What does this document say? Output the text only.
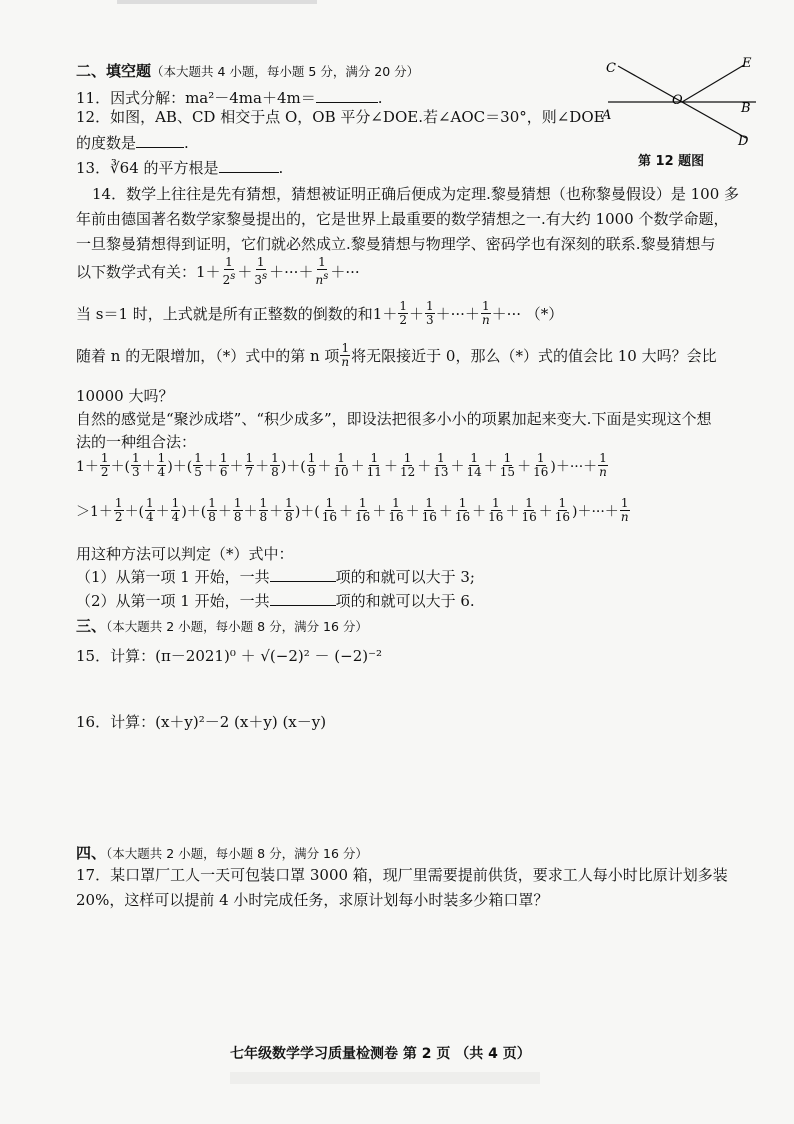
二、填空题（本大题共 4 小题，每小题 5 分，满分 20 分）
11．因式分解：ma²－4ma＋4m＝	.
12．如图，AB、CD 相交于点 O，OB 平分∠DOE.若∠AOC＝30°，则∠DOE
的度数是	.
C	E
A
O
B
D
第 12 题图
13．∛64 的平方根是	.
14．数学上往往是先有猜想，猜想被证明正确后便成为定理.黎曼猜想（也称黎曼假设）是 100 多
年前由德国著名数学家黎曼提出的，它是世界上最重要的数学猜想之一.有大约 1000 个数学命题，
一旦黎曼猜想得到证明，它们就必然成立.黎曼猜想与物理学、密码学也有深刻的联系.黎曼猜想与
以下数学式有关： $1+ \frac{1}{2^s} + \frac{1}{3^s}$ ＋···＋ $\frac{1}{n^s}$ ＋···
当 s＝1 时，上式就是所有正整数的倒数的和 $1+ \frac{1}{2} + \frac{1}{3}$ ＋···＋ $\frac{1}{n}$ ＋··· （*）
随着 n 的无限增加，（*）式中的第 n 项 $\frac{1}{n}$ 将无限接近于 0，那么（*）式的值会比 10 大吗？会比
10000 大吗？
自然的感觉是“聚沙成塔”、“积少成多”，即设法把很多小小的项累加起来变大.下面是实现这个想
法的一种组合法：
$1+ \frac{1}{2}$ ＋( $\frac{1}{3} + \frac{1}{4}$ )＋( $\frac{1}{5} + \frac{1}{6} + \frac{1}{7} + \frac{1}{8}$ )＋( $\frac{1}{9} + \frac{1}{10} + \frac{1}{11} + \frac{1}{12} + \frac{1}{13} + \frac{1}{14} + \frac{1}{15} + \frac{1}{16}$ )＋···＋ $\frac{1}{n}$
$>1+ \frac{1}{2}$ ＋( $\frac{1}{4} + \frac{1}{4}$ )＋( $\frac{1}{8} + \frac{1}{8} + \frac{1}{8} + \frac{1}{8}$ )＋( $\frac{1}{16} + \frac{1}{16} + \frac{1}{16} + \frac{1}{16} + \frac{1}{16} + \frac{1}{16} + \frac{1}{16} + \frac{1}{16}$ )＋···＋ $\frac{1}{n}$
用这种方法可以判定（*）式中：
（1）从第一项 1 开始，一共	项的和就可以大于 3;
（2）从第一项 1 开始，一共	项的和就可以大于 6.
三、（本大题共 2 小题，每小题 8 分，满分 16 分）
15．计算：(π－2021)⁰ ＋ √(−2)² － (−2)⁻²
16．计算：(x＋y)²－2 (x＋y) (x－y)
四、（本大题共 2 小题，每小题 8 分，满分 16 分）
17．某口罩厂工人一天可包装口罩 3000 箱，现厂里需要提前供货，要求工人每小时比原计划多装
20%，这样可以提前 4 小时完成任务，求原计划每小时装多少箱口罩？
七年级数学学习质量检测卷 第 2 页 （共 4 页）
